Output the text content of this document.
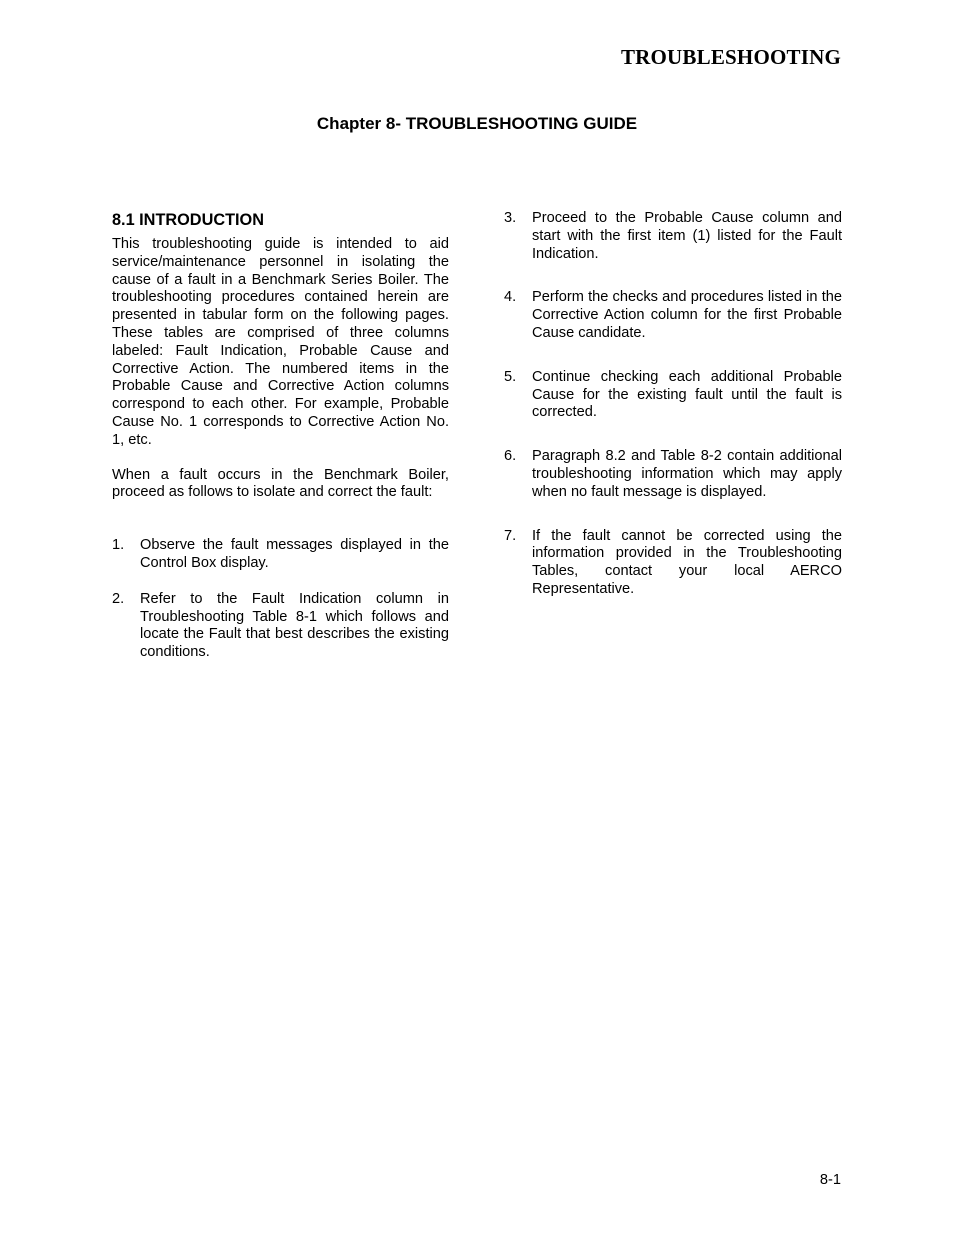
TROUBLESHOOTING
Chapter 8- TROUBLESHOOTING GUIDE
8.1 INTRODUCTION
This troubleshooting guide is intended to aid service/maintenance personnel in isolating the cause of a fault in a Benchmark Series Boiler. The troubleshooting procedures contained herein are presented in tabular form on the following pages. These tables are comprised of three columns labeled: Fault Indication, Probable Cause and Corrective Action. The numbered items in the Probable Cause and Corrective Action columns correspond to each other. For example, Probable Cause No. 1 corresponds to Corrective Action No. 1, etc.
When a fault occurs in the Benchmark Boiler, proceed as follows to isolate and correct the fault:
1.	Observe the fault messages displayed in the Control Box display.
2.	Refer to the Fault Indication column in Troubleshooting Table 8-1 which follows and locate the Fault that best describes the existing conditions.
3.	Proceed to the Probable Cause column and start with the first item (1) listed for the Fault Indication.
4.	Perform the checks and procedures listed in the Corrective Action column for the first Probable Cause candidate.
5.	Continue checking each additional Probable Cause for the existing fault until the fault is corrected.
6.	Paragraph 8.2 and Table 8-2 contain additional troubleshooting information which may apply when no fault message is displayed.
7.	If the fault cannot be corrected using the information provided in the Troubleshooting Tables, contact your local AERCO Representative.
8-1
